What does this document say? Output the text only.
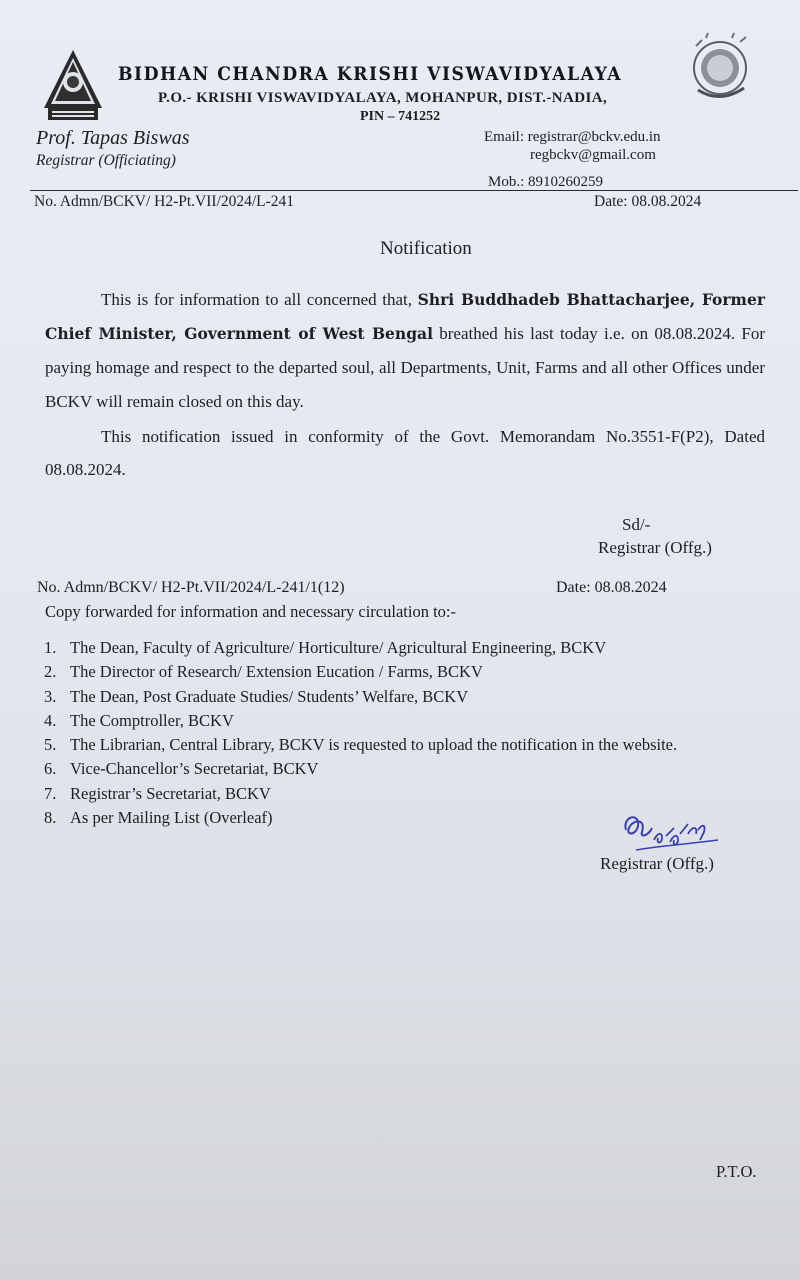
BIDHAN CHANDRA KRISHI VISWAVIDYALAYA
P.O.- KRISHI VISWAVIDYALAYA, MOHANPUR, DIST.-NADIA,
PIN – 741252
Prof. Tapas Biswas
Registrar (Officiating)
Email: registrar@bckv.edu.in
regbckv@gmail.com
Mob.: 8910260259
No. Admn/BCKV/ H2-Pt.VII/2024/L-241	Date: 08.08.2024
Notification
This is for information to all concerned that, Shri Buddhadeb Bhattacharjee, Former Chief Minister, Government of West Bengal breathed his last today i.e. on 08.08.2024. For paying homage and respect to the departed soul, all Departments, Unit, Farms and all other Offices under BCKV will remain closed on this day.
This notification issued in conformity of the Govt. Memorandam No.3551-F(P2), Dated 08.08.2024.
Sd/-
Registrar (Offg.)
No. Admn/BCKV/ H2-Pt.VII/2024/L-241/1(12)	Date: 08.08.2024
Copy forwarded for information and necessary circulation to:-
1. The Dean, Faculty of Agriculture/ Horticulture/ Agricultural Engineering, BCKV
2. The Director of Research/ Extension Eucation / Farms, BCKV
3. The Dean, Post Graduate Studies/ Students’ Welfare, BCKV
4. The Comptroller, BCKV
5. The Librarian, Central Library, BCKV is requested to upload the notification in the website.
6. Vice-Chancellor’s Secretariat, BCKV
7. Registrar’s Secretariat, BCKV
8. As per Mailing List (Overleaf)
Registrar (Offg.)
P.T.O.
